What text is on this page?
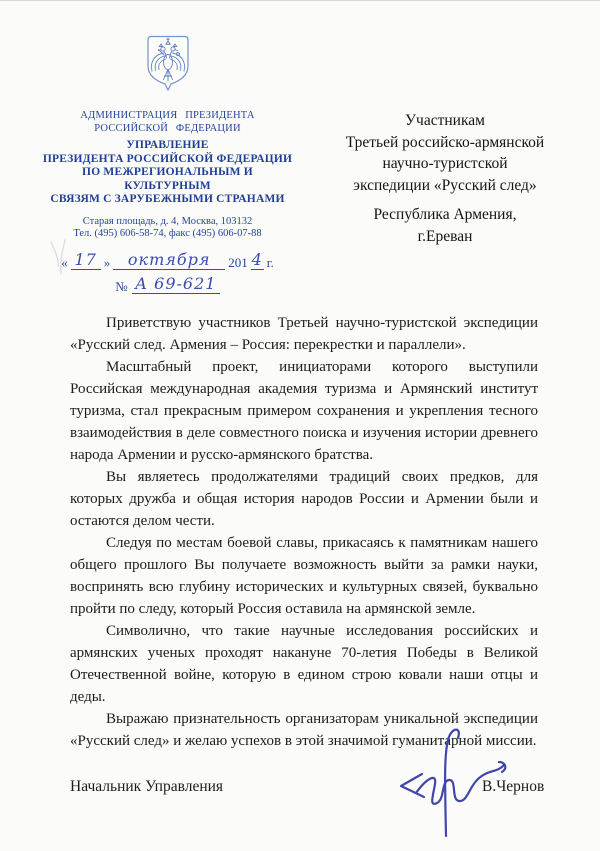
АДМИНИСТРАЦИЯ ПРЕЗИДЕНТА
РОССИЙСКОЙ ФЕДЕРАЦИИ
УПРАВЛЕНИЕ
ПРЕЗИДЕНТА РОССИЙСКОЙ ФЕДЕРАЦИИ
ПО МЕЖРЕГИОНАЛЬНЫМ И КУЛЬТУРНЫМ
СВЯЗЯМ С ЗАРУБЕЖНЫМИ СТРАНАМИ
Старая площадь, д. 4, Москва, 103132
Тел. (495) 606-58-74, факс (495) 606-07-88
« 17 »	октября	201 4 г.
№ А 69-621
Участникам
Третьей российско-армянской
научно-туристской
экспедиции «Русский след»
Республика Армения,
г.Ереван

Приветствую участников Третьей научно-туристской экспедиции «Русский след. Армения – Россия: перекрестки и параллели».

Масштабный проект, инициаторами которого выступили Российская международная академия туризма и Армянский институт туризма, стал прекрасным примером сохранения и укрепления тесного взаимодействия в деле совместного поиска и изучения истории древнего народа Армении и русско-армянского братства.

Вы являетесь продолжателями традиций своих предков, для которых дружба и общая история народов России и Армении были и остаются делом чести.

Следуя по местам боевой славы, прикасаясь к памятникам нашего общего прошлого Вы получаете возможность выйти за рамки науки, воспринять всю глубину исторических и культурных связей, буквально пройти по следу, который Россия оставила на армянской земле.

Символично, что такие научные исследования российских и армянских ученых проходят накануне 70-летия Победы в Великой Отечественной войне, которую в едином строю ковали наши отцы и деды.

Выражаю признательность организаторам уникальной экспедиции «Русский след» и желаю успехов в этой значимой гуманитарной миссии.

Начальник Управления	В.Чернов
